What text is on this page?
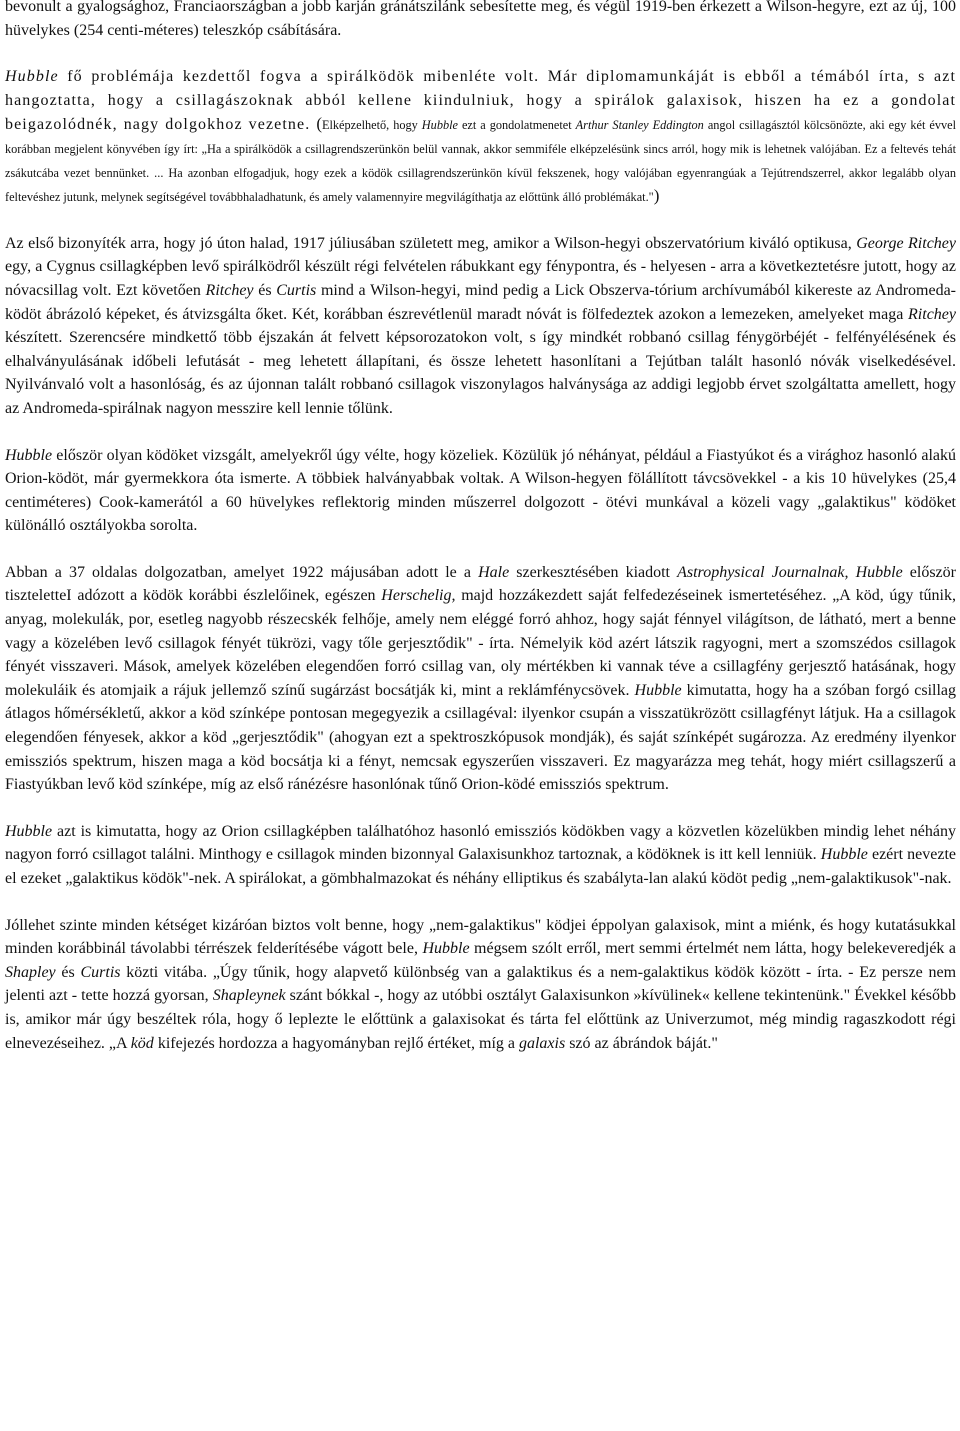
bevonult a gyalogsághoz, Franciaországban a jobb karján gránátszilánk sebesítette meg, és végül 1919-ben érkezett a Wilson-hegyre, ezt az új, 100 hüvelykes (254 centi-méteres) teleszkóp csábítására.

Hubble fő problémája kezdettől fogva a spirálködök mibenléte volt. Már diplomamunkáját is ebből a témából írta, s azt hangoztatta, hogy a csillagászoknak abból kellene kiindulniuk, hogy a spirálok galaxisok, hiszen ha ez a gondolat beigazolódnék, nagy dolgokhoz vezetne. (Elképzelhető, hogy Hubble ezt a gondolatmenetet Arthur Stanley Eddington angol csillagásztól kölcsönözte, aki egy két évvel korábban megjelent könyvében így írt: „Ha a spirálködök a csillagrendszerünkön belül vannak, akkor semmiféle elképzelésünk sincs arról, hogy mik is lehetnek valójában. Ez a feltevés tehát zsákutcába vezet bennünket. ... Ha azonban elfogadjuk, hogy ezek a ködök csillagrendszerünkön kívül fekszenek, hogy valójában egyenrangúak a Tejútrendszerrel, akkor legalább olyan feltevéshez jutunk, melynek segítségével továbbhaladhatunk, és amely valamennyire megvilágíthatja az előttünk álló problémákat.")

Az első bizonyíték arra, hogy jó úton halad, 1917 júliusában született meg, amikor a Wilson-hegyi obszervatórium kiváló optikusa, George Ritchey egy, a Cygnus csillagképben levő spirálködről készült régi felvételen rábukkant egy fénypontra, és - helyesen - arra a következtetésre jutott, hogy az nóvacsillag volt. Ezt követően Ritchey és Curtis mind a Wilson-hegyi, mind pedig a Lick Obszerva-tórium archívumából kikereste az Andromeda-ködöt ábrázoló képeket, és átvizsgálta őket. Két, korábban észrevétlenül maradt nóvát is fölfedeztek azokon a lemezeken, amelyeket maga Ritchey készített. Szerencsére mindkettő több éjszakán át felvett képsorozatokon volt, s így mindkét robbanó csillag fénygörbéjét - felfényélésének és elhalványulásának időbeli lefutását - meg lehetett állapítani, és össze lehetett hasonlítani a Tejútban talált hasonló nóvák viselkedésével. Nyilvánvaló volt a hasonlóság, és az újonnan talált robbanó csillagok viszonylagos halványsága az addigi legjobb érvet szolgáltatta amellett, hogy az Andromeda-spirálnak nagyon messzire kell lennie tőlünk.

Hubble először olyan ködöket vizsgált, amelyekről úgy vélte, hogy közeliek. Közülük jó néhányat, például a Fiastyúkot és a virághoz hasonló alakú Orion-ködöt, már gyermekkora óta ismerte. A többiek halványabbak voltak. A Wilson-hegyen fölállított távcsövekkel - a kis 10 hüvelykes (25,4 centiméteres) Cook-kamerától a 60 hüvelykes reflektorig minden műszerrel dolgozott - ötévi munkával a közeli vagy „galaktikus" ködöket különálló osztályokba sorolta.

Abban a 37 oldalas dolgozatban, amelyet 1922 májusában adott le a Hale szerkesztésében kiadott Astrophysical Journalnak, Hubble először tiszteletteI adózott a ködök korábbi észlelőinek, egészen Herschelig, majd hozzákezdett saját felfedezéseinek ismertetéséhez. „A köd, úgy tűnik, anyag, molekulák, por, esetleg nagyobb részecskék felhője, amely nem eléggé forró ahhoz, hogy saját fénnyel világítson, de látható, mert a benne vagy a közelében levő csillagok fényét tükrözi, vagy tőle gerjesztődik" - írta. Némelyik köd azért látszik ragyogni, mert a szomszédos csillagok fényét visszaveri. Mások, amelyek közelében elegendően forró csillag van, oly mértékben ki vannak téve a csillagfény gerjesztő hatásának, hogy molekuláik és atomjaik a rájuk jellemző színű sugárzást bocsátják ki, mint a reklámfénycsövek. Hubble kimutatta, hogy ha a szóban forgó csillag átlagos hőmérsékletű, akkor a köd színképe pontosan megegyezik a csillagéval: ilyenkor csupán a visszatükrözött csillagfényt látjuk. Ha a csillagok elegendően fényesek, akkor a köd „gerjesztődik" (ahogyan ezt a spektroszkópusok mondják), és saját színképét sugározza. Az eredmény ilyenkor emissziós spektrum, hiszen maga a köd bocsátja ki a fényt, nemcsak egyszerűen visszaveri. Ez magyarázza meg tehát, hogy miért csillagszerű a Fiastyúkban levő köd színképe, míg az első ránézésre hasonlónak tűnő Orion-ködé emissziós spektrum.

Hubble azt is kimutatta, hogy az Orion csillagképben találhatóhoz hasonló emissziós ködökben vagy a közvetlen közelükben mindig lehet néhány nagyon forró csillagot találni. Minthogy e csillagok minden bizonnyal Galaxisunkhoz tartoznak, a ködöknek is itt kell lenniük. Hubble ezért nevezte el ezeket „galaktikus ködök"-nek. A spirálokat, a gömbhalmazokat és néhány elliptikus és szabályta-lan alakú ködöt pedig „nem-galaktikusok"-nak.

Jóllehet szinte minden kétséget kizáróan biztos volt benne, hogy „nem-galaktikus" ködjei éppolyan galaxisok, mint a miénk, és hogy kutatásukkal minden korábbinál távolabbi térrészek felderítésébe vágott bele, Hubble mégsem szólt erről, mert semmi értelmét nem látta, hogy belekeveredjék a Shapley és Curtis közti vitába. „Úgy tűnik, hogy alapvető különbség van a galaktikus és a nem-galaktikus ködök között - írta. - Ez persze nem jelenti azt - tette hozzá gyorsan, Shapleynek szánt bókkal -, hogy az utóbbi osztályt Galaxisunkon »kívülinek« kellene tekintenünk." Évekkel később is, amikor már úgy beszéltek róla, hogy ő leplezte le előttünk a galaxisokat és tárta fel előttünk az Univerzumot, még mindig ragaszkodott régi elnevezéseihez. „A köd kifejezés hordozza a hagyományban rejlő értéket, míg a galaxis szó az ábrándok báját."
